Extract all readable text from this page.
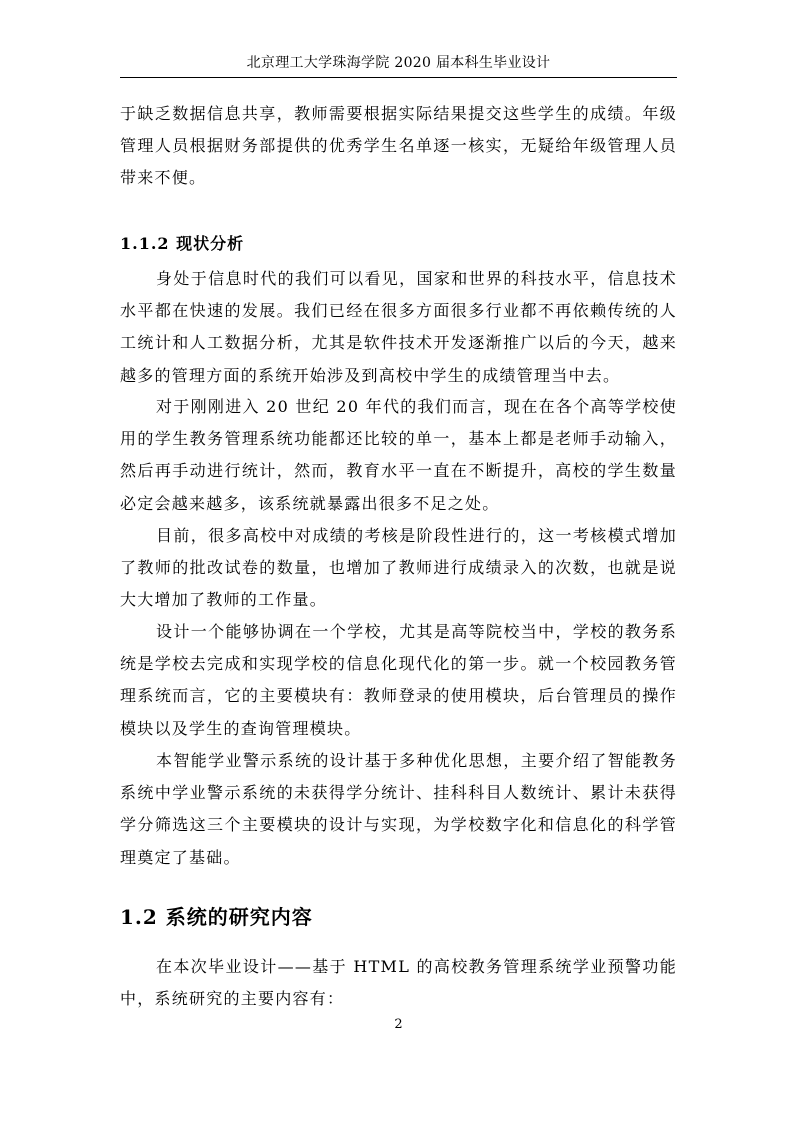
北京理工大学珠海学院 2020 届本科生毕业设计

于缺乏数据信息共享，教师需要根据实际结果提交这些学生的成绩。年级管理人员根据财务部提供的优秀学生名单逐一核实，无疑给年级管理人员带来不便。

1.1.2 现状分析

身处于信息时代的我们可以看见，国家和世界的科技水平，信息技术水平都在快速的发展。我们已经在很多方面很多行业都不再依赖传统的人工统计和人工数据分析，尤其是软件技术开发逐渐推广以后的今天，越来越多的管理方面的系统开始涉及到高校中学生的成绩管理当中去。

对于刚刚进入 20 世纪 20 年代的我们而言，现在在各个高等学校使用的学生教务管理系统功能都还比较的单一，基本上都是老师手动输入，然后再手动进行统计，然而，教育水平一直在不断提升，高校的学生数量必定会越来越多，该系统就暴露出很多不足之处。

目前，很多高校中对成绩的考核是阶段性进行的，这一考核模式增加了教师的批改试卷的数量，也增加了教师进行成绩录入的次数，也就是说大大增加了教师的工作量。

设计一个能够协调在一个学校，尤其是高等院校当中，学校的教务系统是学校去完成和实现学校的信息化现代化的第一步。就一个校园教务管理系统而言，它的主要模块有：教师登录的使用模块，后台管理员的操作模块以及学生的查询管理模块。

本智能学业警示系统的设计基于多种优化思想，主要介绍了智能教务系统中学业警示系统的未获得学分统计、挂科科目人数统计、累计未获得学分筛选这三个主要模块的设计与实现，为学校数字化和信息化的科学管理奠定了基础。

1.2 系统的研究内容

在本次毕业设计——基于 HTML 的高校教务管理系统学业预警功能中，系统研究的主要内容有：

2
